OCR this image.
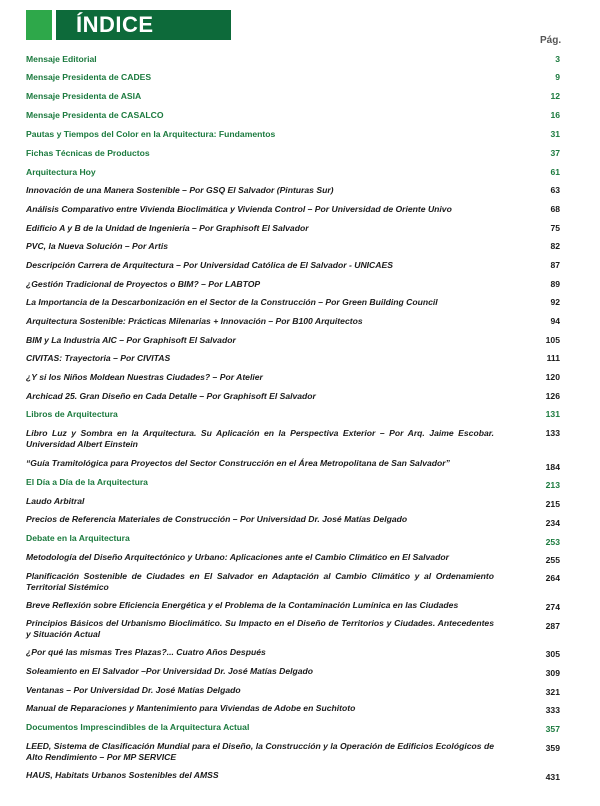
ÍNDICE
Pág.
Mensaje Editorial	3
Mensaje Presidenta de CADES	9
Mensaje Presidenta de ASIA	12
Mensaje Presidenta de CASALCO	16
Pautas y Tiempos del Color en la Arquitectura: Fundamentos	31
Fichas Técnicas de Productos	37
Arquitectura Hoy	61
Innovación de una Manera Sostenible – Por GSQ El Salvador (Pinturas Sur)	63
Análisis Comparativo entre Vivienda Bioclimática y Vivienda Control – Por Universidad de Oriente Univo	68
Edificio A y B de la Unidad de Ingeniería – Por Graphisoft El Salvador	75
PVC, la Nueva Solución – Por Artis	82
Descripción Carrera de Arquitectura – Por Universidad Católica de El Salvador - UNICAES	87
¿Gestión Tradicional de Proyectos o BIM? – Por LABTOP	89
La Importancia de la Descarbonización en el Sector de la Construcción – Por Green Building Council	92
Arquitectura Sostenible: Prácticas Milenarias + Innovación – Por B100 Arquitectos	94
BIM y La Industria AIC – Por Graphisoft El Salvador	105
CIVITAS: Trayectoria – Por CIVITAS	111
¿Y si los Niños Moldean Nuestras Ciudades? – Por Atelier	120
Archicad 25. Gran Diseño en Cada Detalle – Por Graphisoft El Salvador	126
Libros de Arquitectura	131
Libro Luz y Sombra en la Arquitectura. Su Aplicación en la Perspectiva Exterior – Por Arq. Jaime Escobar. Universidad Albert Einstein
133
“Guía Tramitológica para Proyectos del Sector Construcción en el Área Metropolitana de San Salvador”	184
El Día a Día de la Arquitectura	213
Laudo Arbitral	215
Precios de Referencia Materiales de Construcción – Por Universidad Dr. José Matías Delgado	234
Debate en la Arquitectura	253
Metodología del Diseño Arquitectónico y Urbano: Aplicaciones ante el Cambio Climático en El Salvador	255
Planificación Sostenible de Ciudades en El Salvador en Adaptación al Cambio Climático y al Ordenamiento Territorial Sistémico
264
Breve Reflexión sobre Eficiencia Energética y el Problema de la Contaminación Lumínica en las Ciudades	274
Principios Básicos del Urbanismo Bioclimático. Su Impacto en el Diseño de Territorios y Ciudades. Antecedentes y Situación Actual
287
¿Por qué las mismas Tres Plazas?... Cuatro Años Después	305
Soleamiento en El Salvador –Por Universidad Dr. José Matías Delgado	309
Ventanas – Por Universidad Dr. José Matías Delgado	321
Manual de Reparaciones y Mantenimiento para Viviendas de Adobe en Suchitoto	333
Documentos Imprescindibles de la Arquitectura Actual	357
LEED, Sistema de Clasificación Mundial para el Diseño, la Construcción y la Operación de Edificios Ecológicos de Alto Rendimiento – Por MP SERVICE
359
HAUS, Habitats Urbanos Sostenibles del AMSS	431
